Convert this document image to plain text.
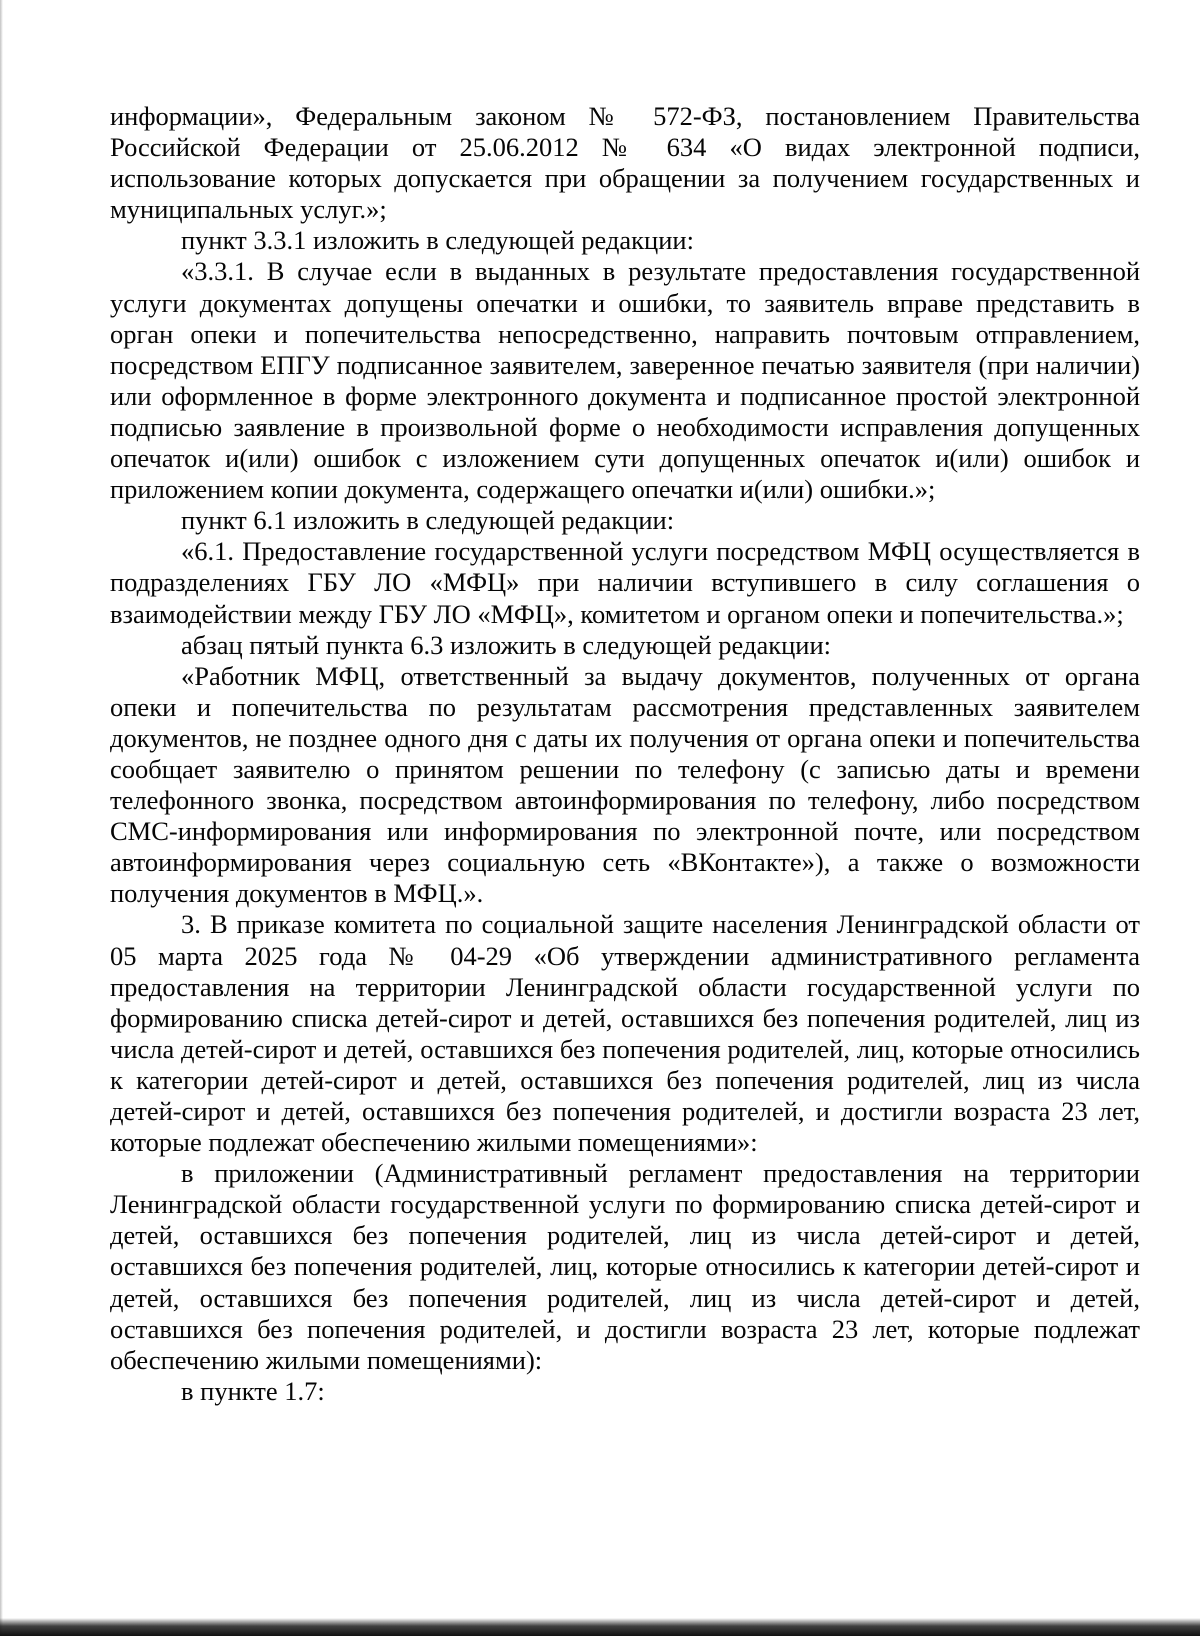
информации», Федеральным законом № 572-ФЗ, постановлением Правительства Российской Федерации от 25.06.2012 № 634 «О видах электронной подписи, использование которых допускается при обращении за получением государственных и муниципальных услуг.»;

пункт 3.3.1 изложить в следующей редакции:

«3.3.1. В случае если в выданных в результате предоставления государственной услуги документах допущены опечатки и ошибки, то заявитель вправе представить в орган опеки и попечительства непосредственно, направить почтовым отправлением, посредством ЕПГУ подписанное заявителем, заверенное печатью заявителя (при наличии) или оформленное в форме электронного документа и подписанное простой электронной подписью заявление в произвольной форме о необходимости исправления допущенных опечаток и(или) ошибок с изложением сути допущенных опечаток и(или) ошибок и приложением копии документа, содержащего опечатки и(или) ошибки.»;

пункт 6.1 изложить в следующей редакции:

«6.1. Предоставление государственной услуги посредством МФЦ осуществляется в подразделениях ГБУ ЛО «МФЦ» при наличии вступившего в силу соглашения о взаимодействии между ГБУ ЛО «МФЦ», комитетом и органом опеки и попечительства.»;

абзац пятый пункта 6.3 изложить в следующей редакции:

«Работник МФЦ, ответственный за выдачу документов, полученных от органа опеки и попечительства по результатам рассмотрения представленных заявителем документов, не позднее одного дня с даты их получения от органа опеки и попечительства сообщает заявителю о принятом решении по телефону (с записью даты и времени телефонного звонка, посредством автоинформирования по телефону, либо посредством СМС-информирования или информирования по электронной почте, или посредством автоинформирования через социальную сеть «ВКонтакте»), а также о возможности получения документов в МФЦ.».

3. В приказе комитета по социальной защите населения Ленинградской области от 05 марта 2025 года № 04-29 «Об утверждении административного регламента предоставления на территории Ленинградской области государственной услуги по формированию списка детей-сирот и детей, оставшихся без попечения родителей, лиц из числа детей-сирот и детей, оставшихся без попечения родителей, лиц, которые относились к категории детей-сирот и детей, оставшихся без попечения родителей, лиц из числа детей-сирот и детей, оставшихся без попечения родителей, и достигли возраста 23 лет, которые подлежат обеспечению жилыми помещениями»:

в приложении (Административный регламент предоставления на территории Ленинградской области государственной услуги по формированию списка детей-сирот и детей, оставшихся без попечения родителей, лиц из числа детей-сирот и детей, оставшихся без попечения родителей, лиц, которые относились к категории детей-сирот и детей, оставшихся без попечения родителей, лиц из числа детей-сирот и детей, оставшихся без попечения родителей, и достигли возраста 23 лет, которые подлежат обеспечению жилыми помещениями):

в пункте 1.7:
